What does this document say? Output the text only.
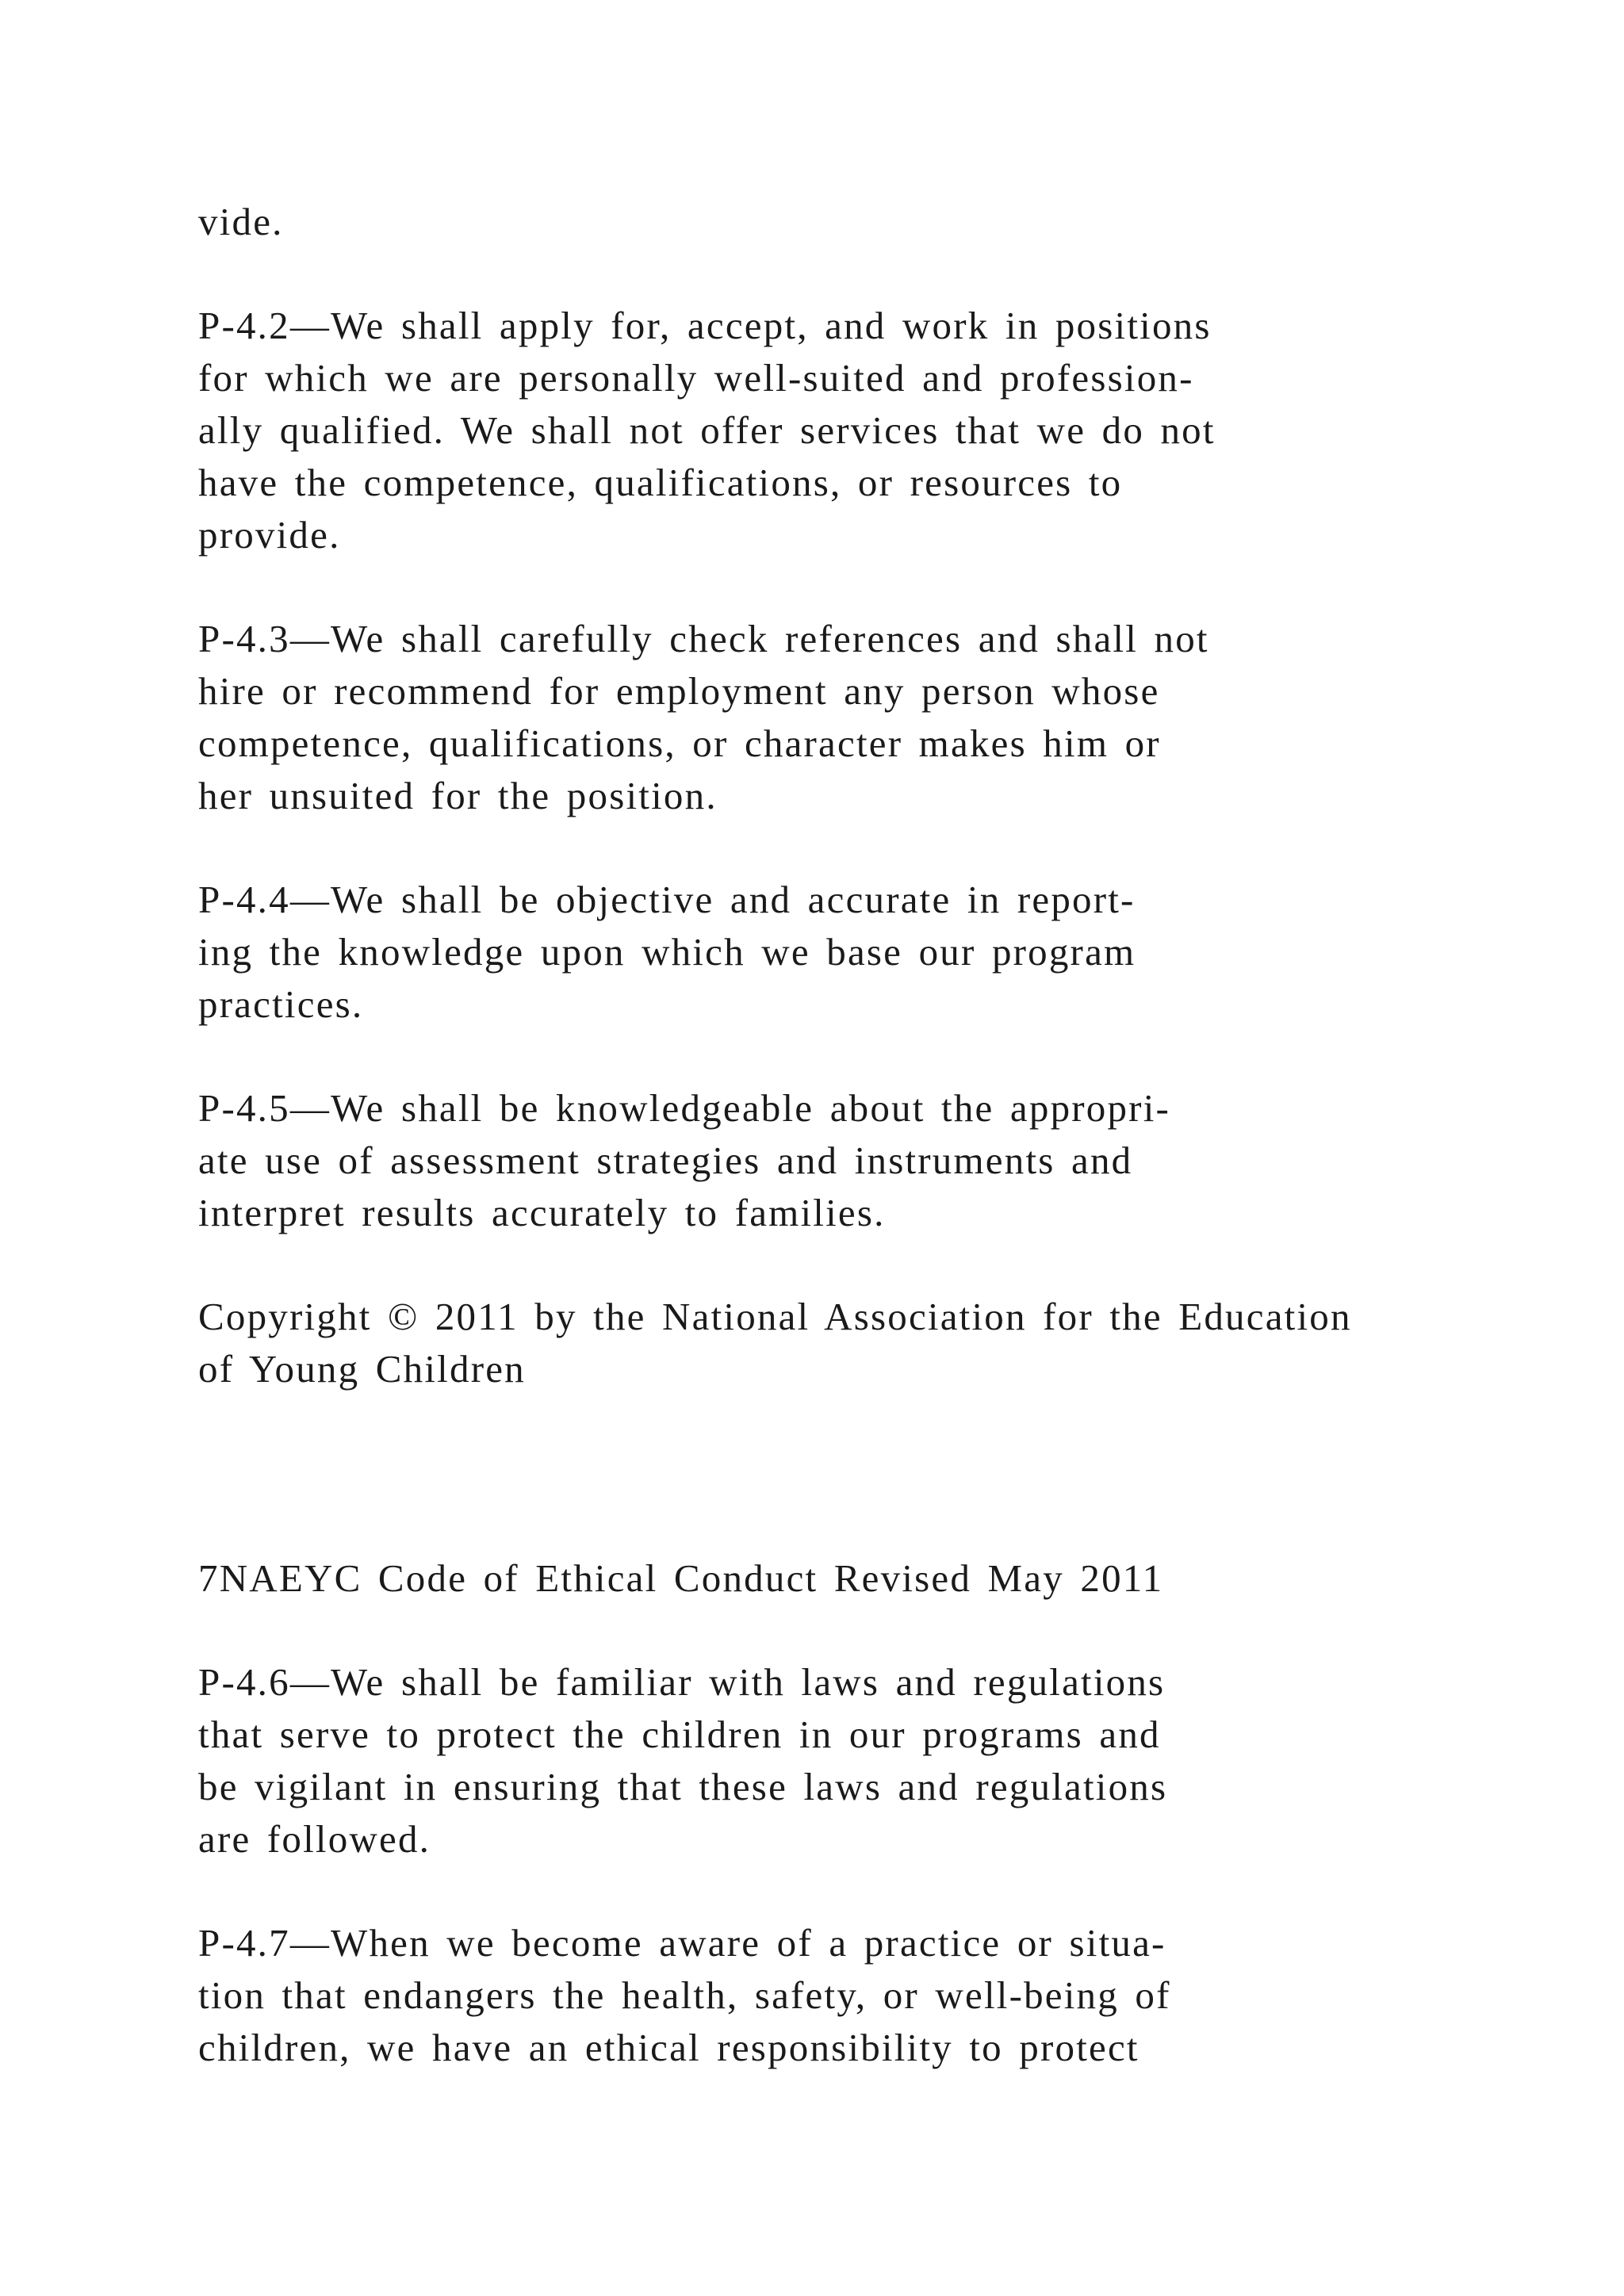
vide.
P-4.2—We shall apply for, accept, and work in positions
for which we are personally well-suited and profession-
ally qualified. We shall not offer services that we do not
have the competence, qualifications, or resources to
provide.
P-4.3—We shall carefully check references and shall not
hire or recommend for employment any person whose
competence, qualifications, or character makes him or
her unsuited for the position.
P-4.4—We shall be objective and accurate in report-
ing the knowledge upon which we base our program
practices.
P-4.5—We shall be knowledgeable about the appropri-
ate use of assessment strategies and instruments and
interpret results accurately to families.
Copyright © 2011 by the National Association for the Education
of Young Children
7NAEYC Code of Ethical Conduct Revised May 2011
P-4.6—We shall be familiar with laws and regulations
that serve to protect the children in our programs and
be vigilant in ensuring that these laws and regulations
are followed.
P-4.7—When we become aware of a practice or situa-
tion that endangers the health, safety, or well-being of
children, we have an ethical responsibility to protect
